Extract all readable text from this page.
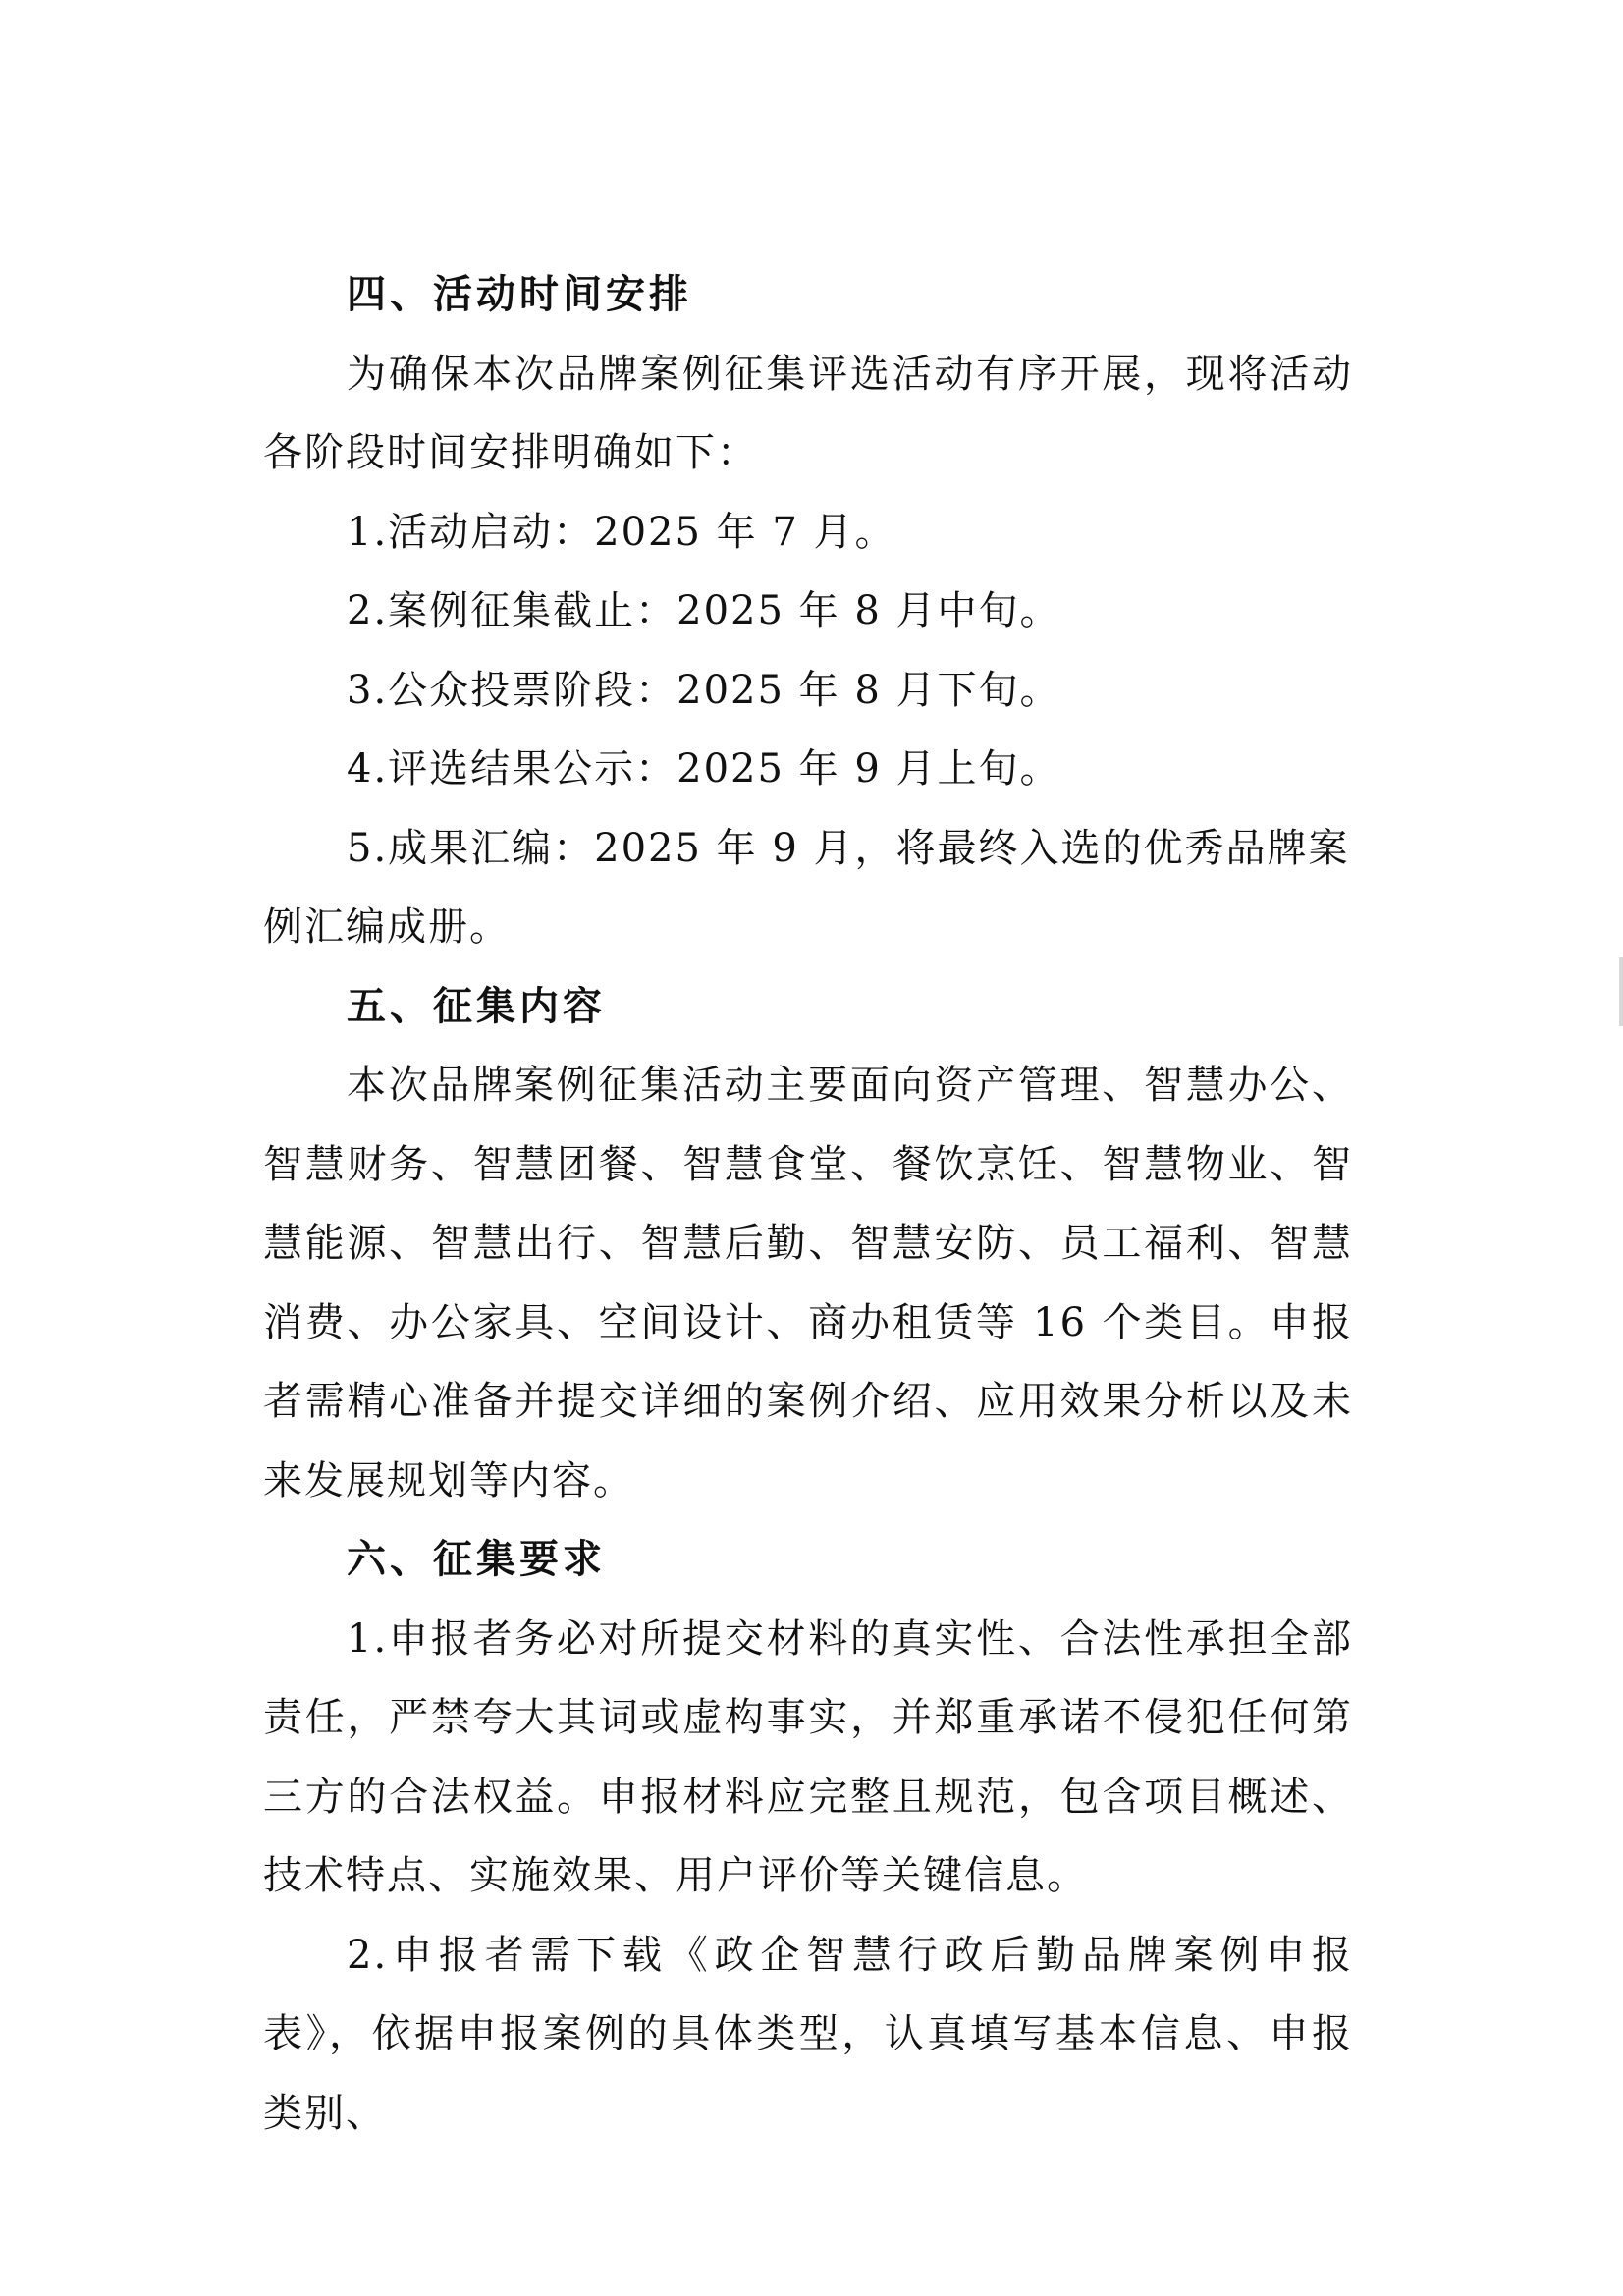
四、活动时间安排

为确保本次品牌案例征集评选活动有序开展，现将活动各阶段时间安排明确如下：

1.活动启动：2025 年 7 月。

2.案例征集截止：2025 年 8 月中旬。

3.公众投票阶段：2025 年 8 月下旬。

4.评选结果公示：2025 年 9 月上旬。

5.成果汇编：2025 年 9 月，将最终入选的优秀品牌案例汇编成册。

五、征集内容

本次品牌案例征集活动主要面向资产管理、智慧办公、智慧财务、智慧团餐、智慧食堂、餐饮烹饪、智慧物业、智慧能源、智慧出行、智慧后勤、智慧安防、员工福利、智慧消费、办公家具、空间设计、商办租赁等 16 个类目。申报者需精心准备并提交详细的案例介绍、应用效果分析以及未来发展规划等内容。

六、征集要求

1.申报者务必对所提交材料的真实性、合法性承担全部责任，严禁夸大其词或虚构事实，并郑重承诺不侵犯任何第三方的合法权益。申报材料应完整且规范，包含项目概述、技术特点、实施效果、用户评价等关键信息。

2.申报者需下载《政企智慧行政后勤品牌案例申报表》，依据申报案例的具体类型，认真填写基本信息、申报类别、
